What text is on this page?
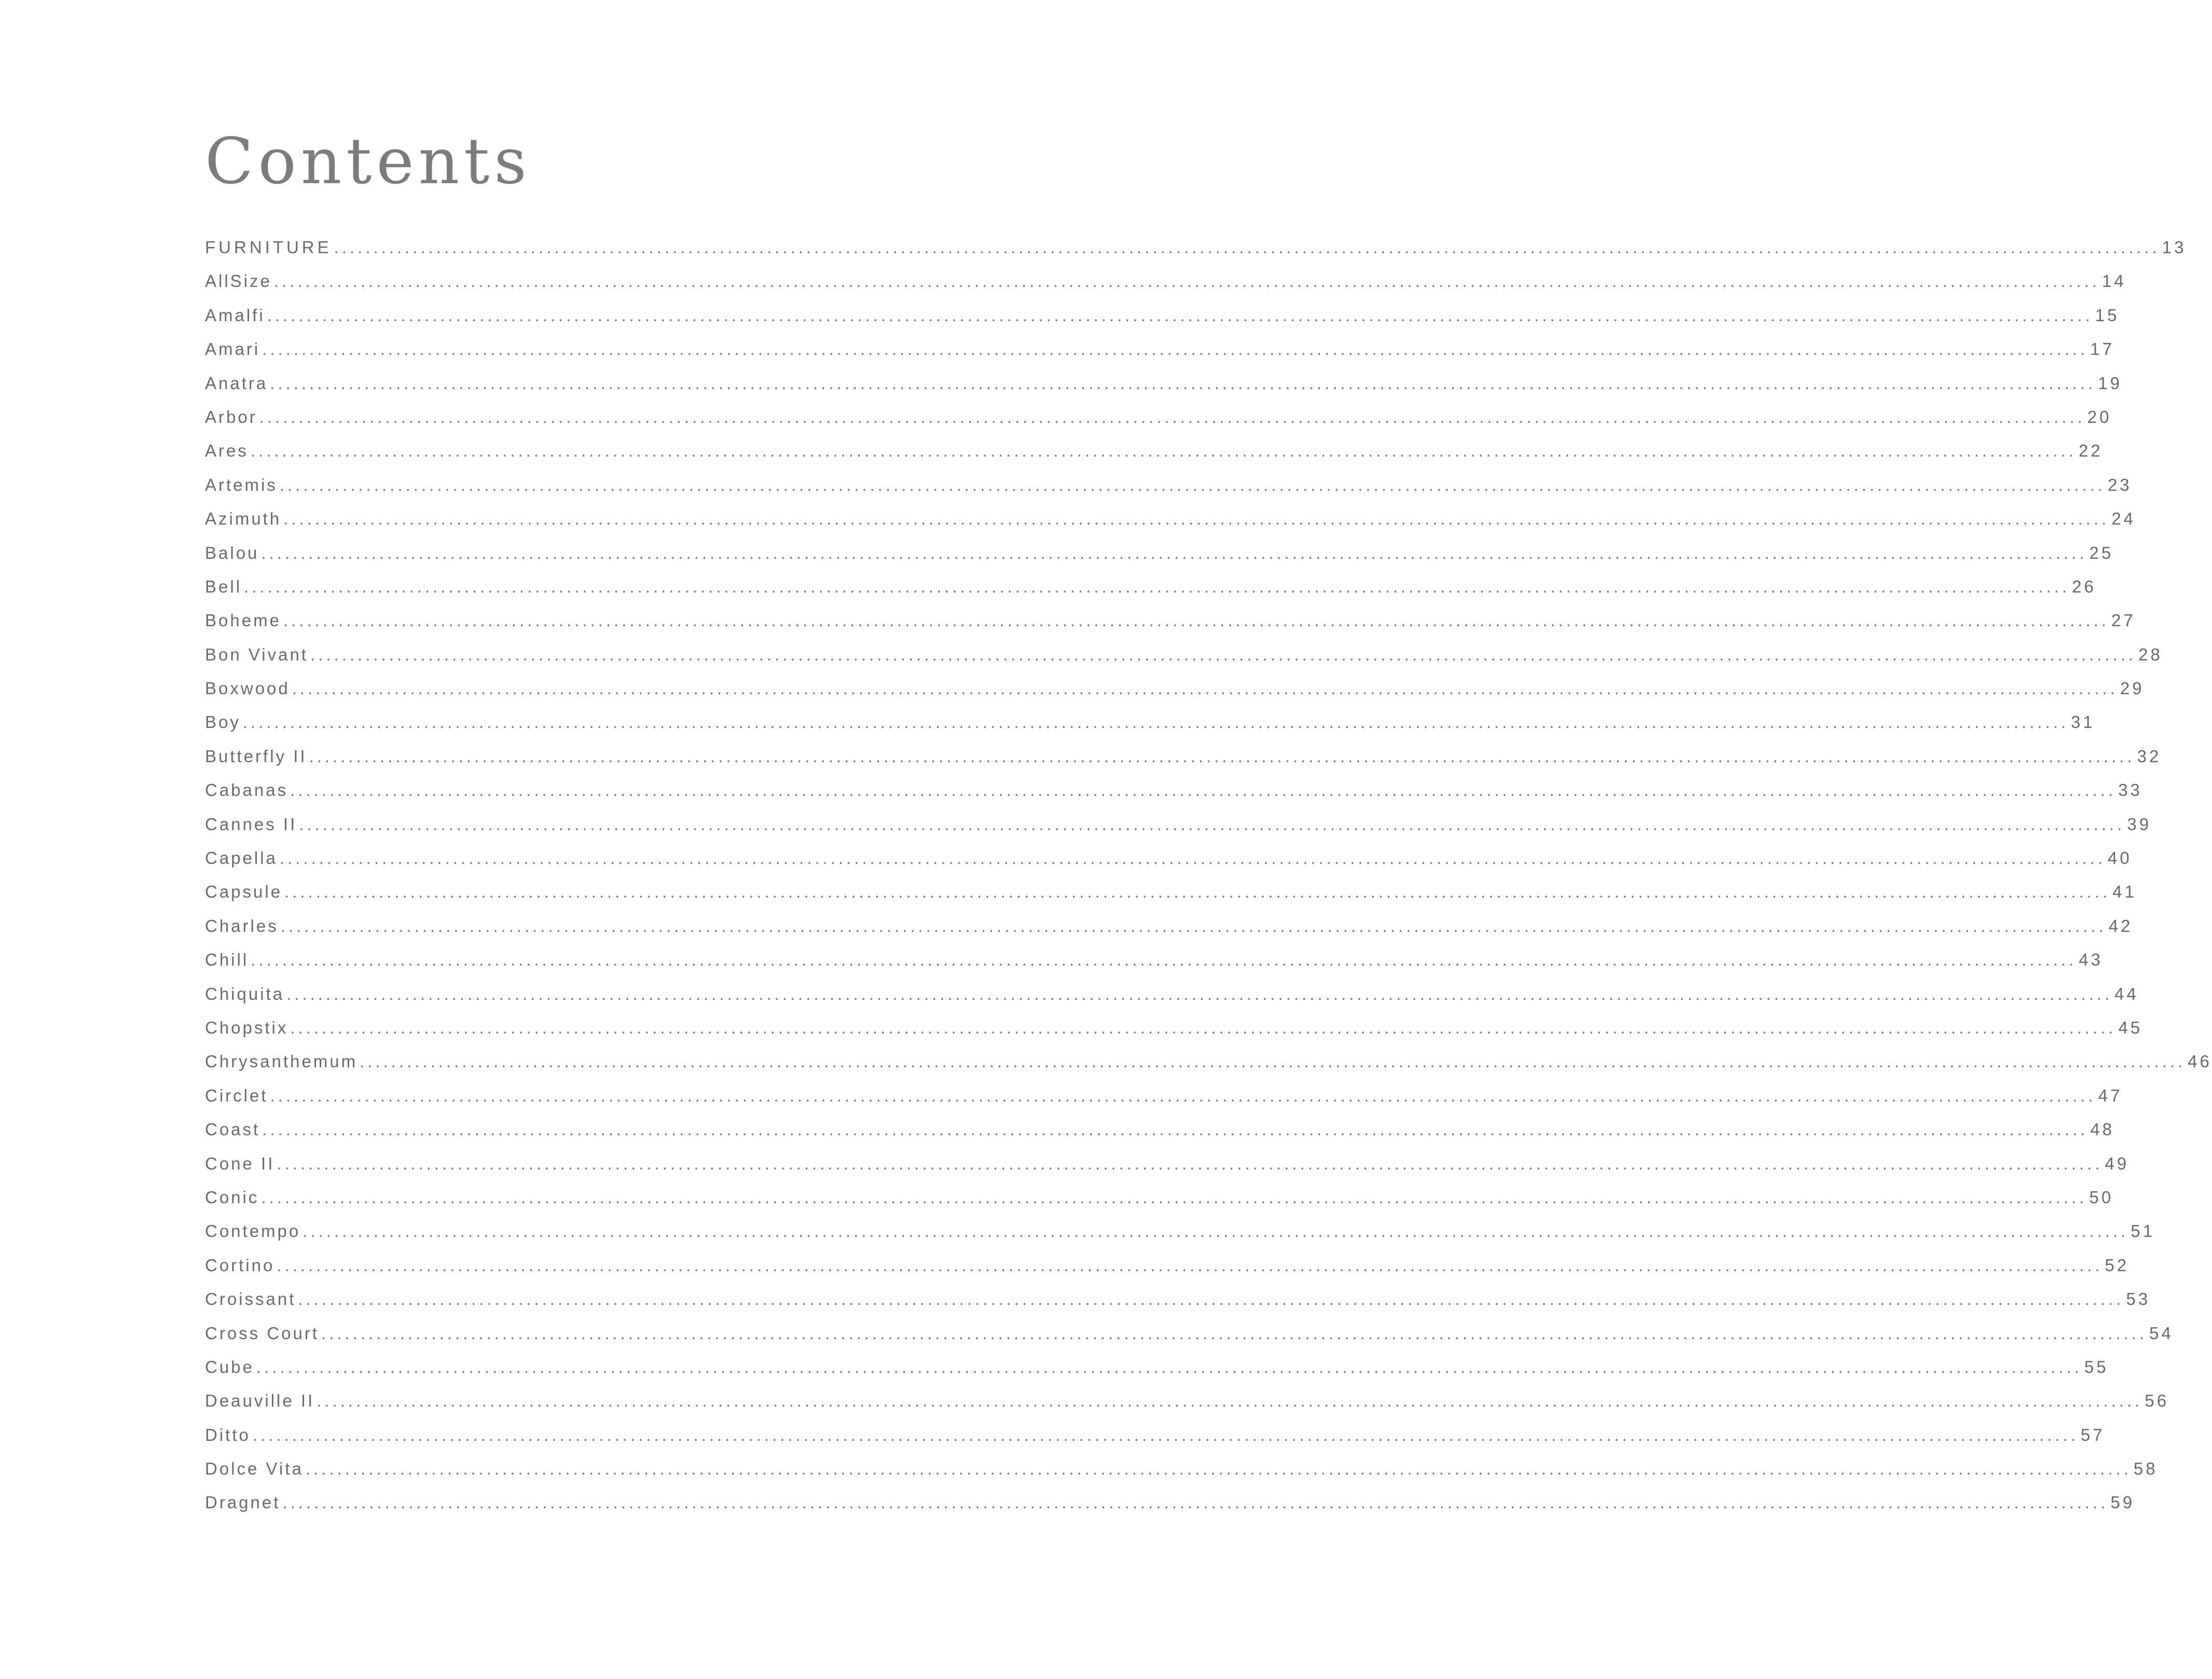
Contents
FURNITURE .....	13
AllSize .....	14
Amalfi .....	15
Amari .....	17
Anatra .....	19
Arbor .....	20
Ares .....	22
Artemis .....	23
Azimuth .....	24
Balou .....	25
Bell .....	26
Boheme .....	27
Bon Vivant .....	28
Boxwood .....	29
Boy .....	31
Butterfly II .....	32
Cabanas .....	33
Cannes II .....	39
Capella .....	40
Capsule .....	41
Charles .....	42
Chill .....	43
Chiquita .....	44
Chopstix .....	45
Chrysanthemum .....	46
Circlet .....	47
Coast .....	48
Cone II .....	49
Conic .....	50
Contempo .....	51
Cortino .....	52
Croissant .....	53
Cross Court .....	54
Cube .....	55
Deauville II .....	56
Ditto .....	57
Dolce Vita .....	58
Dragnet .....	59
